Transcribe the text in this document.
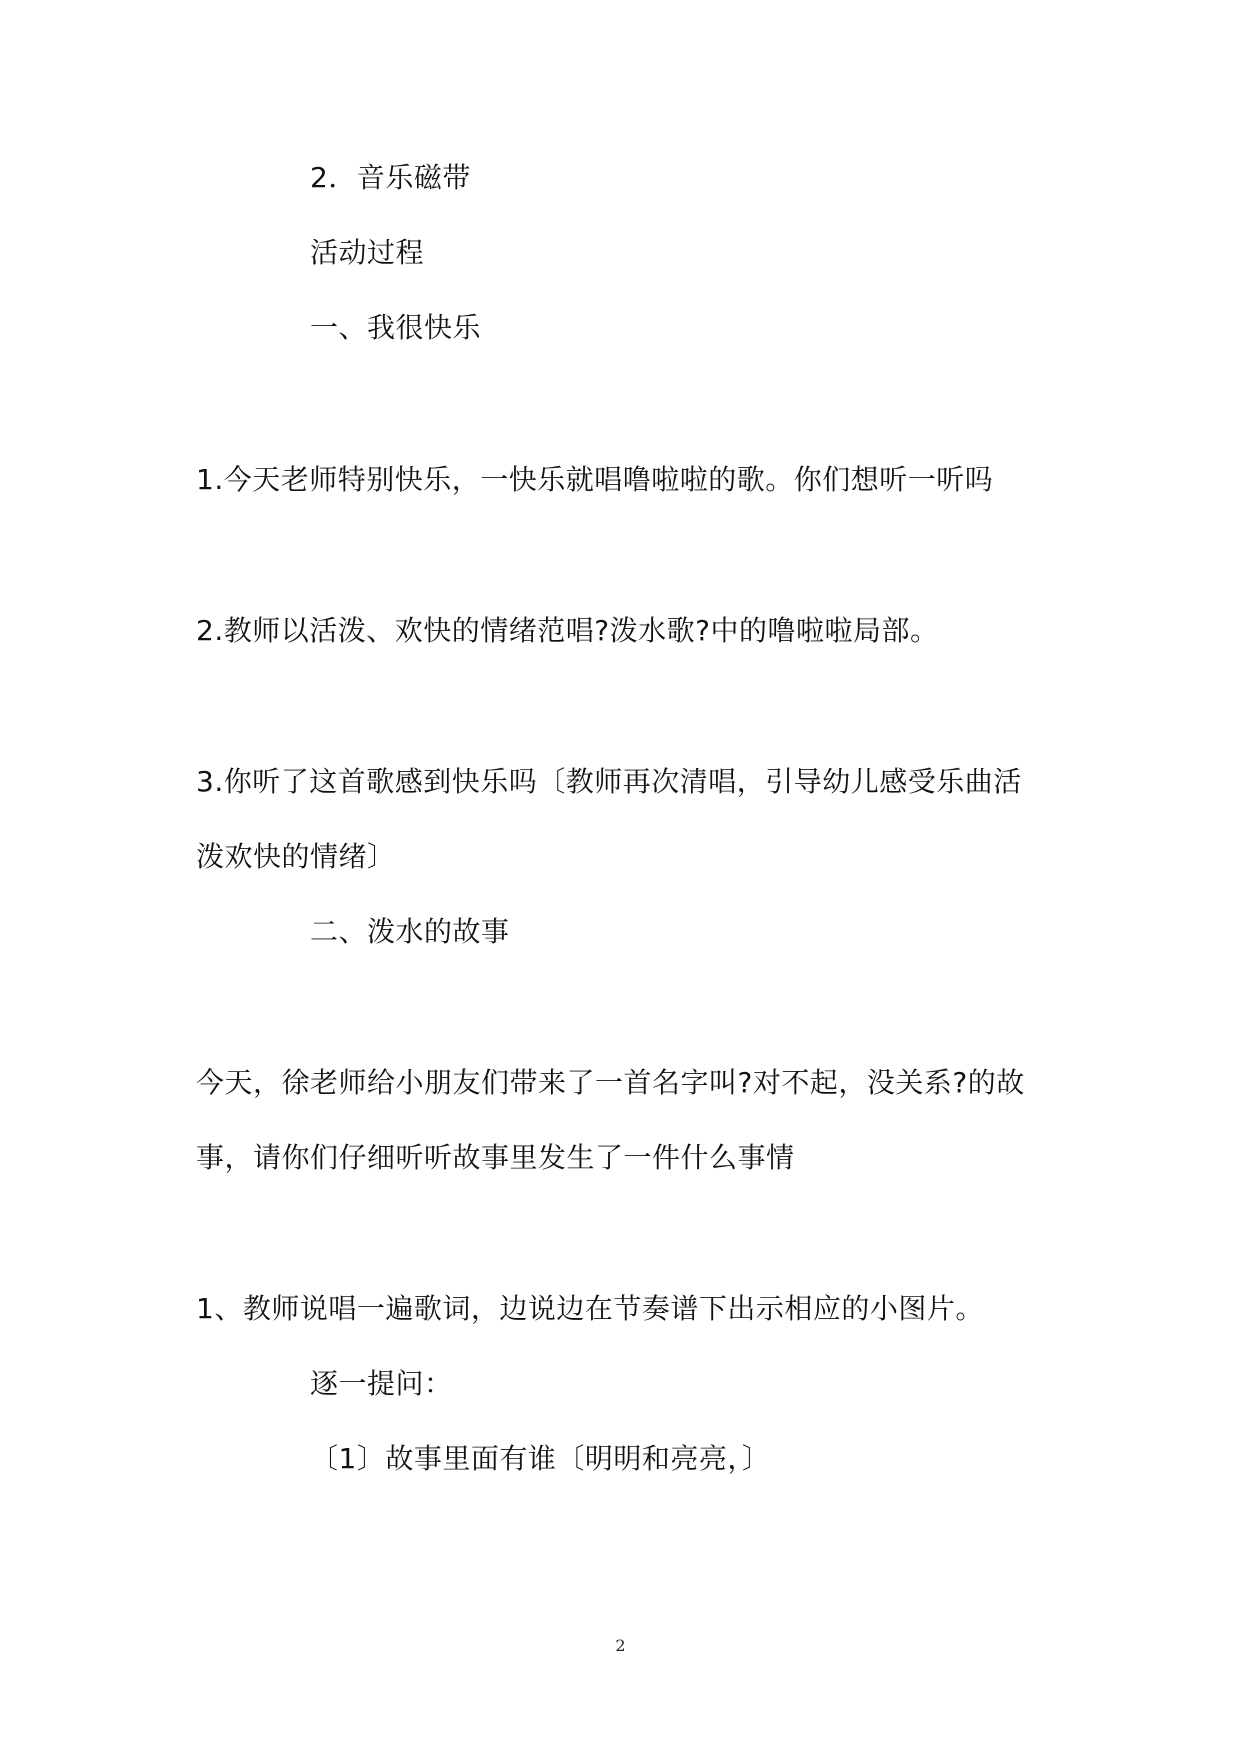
2．音乐磁带
活动过程
一、我很快乐
1.今天老师特别快乐，一快乐就唱噜啦啦的歌。你们想听一听吗
2.教师以活泼、欢快的情绪范唱?泼水歌?中的噜啦啦局部。
3.你听了这首歌感到快乐吗〔教师再次清唱，引导幼儿感受乐曲活
泼欢快的情绪〕
二、泼水的故事
今天，徐老师给小朋友们带来了一首名字叫?对不起，没关系?的故
事，请你们仔细听听故事里发生了一件什么事情
1、教师说唱一遍歌词，边说边在节奏谱下出示相应的小图片。
逐一提问：
〔1〕故事里面有谁〔明明和亮亮，〕
2
